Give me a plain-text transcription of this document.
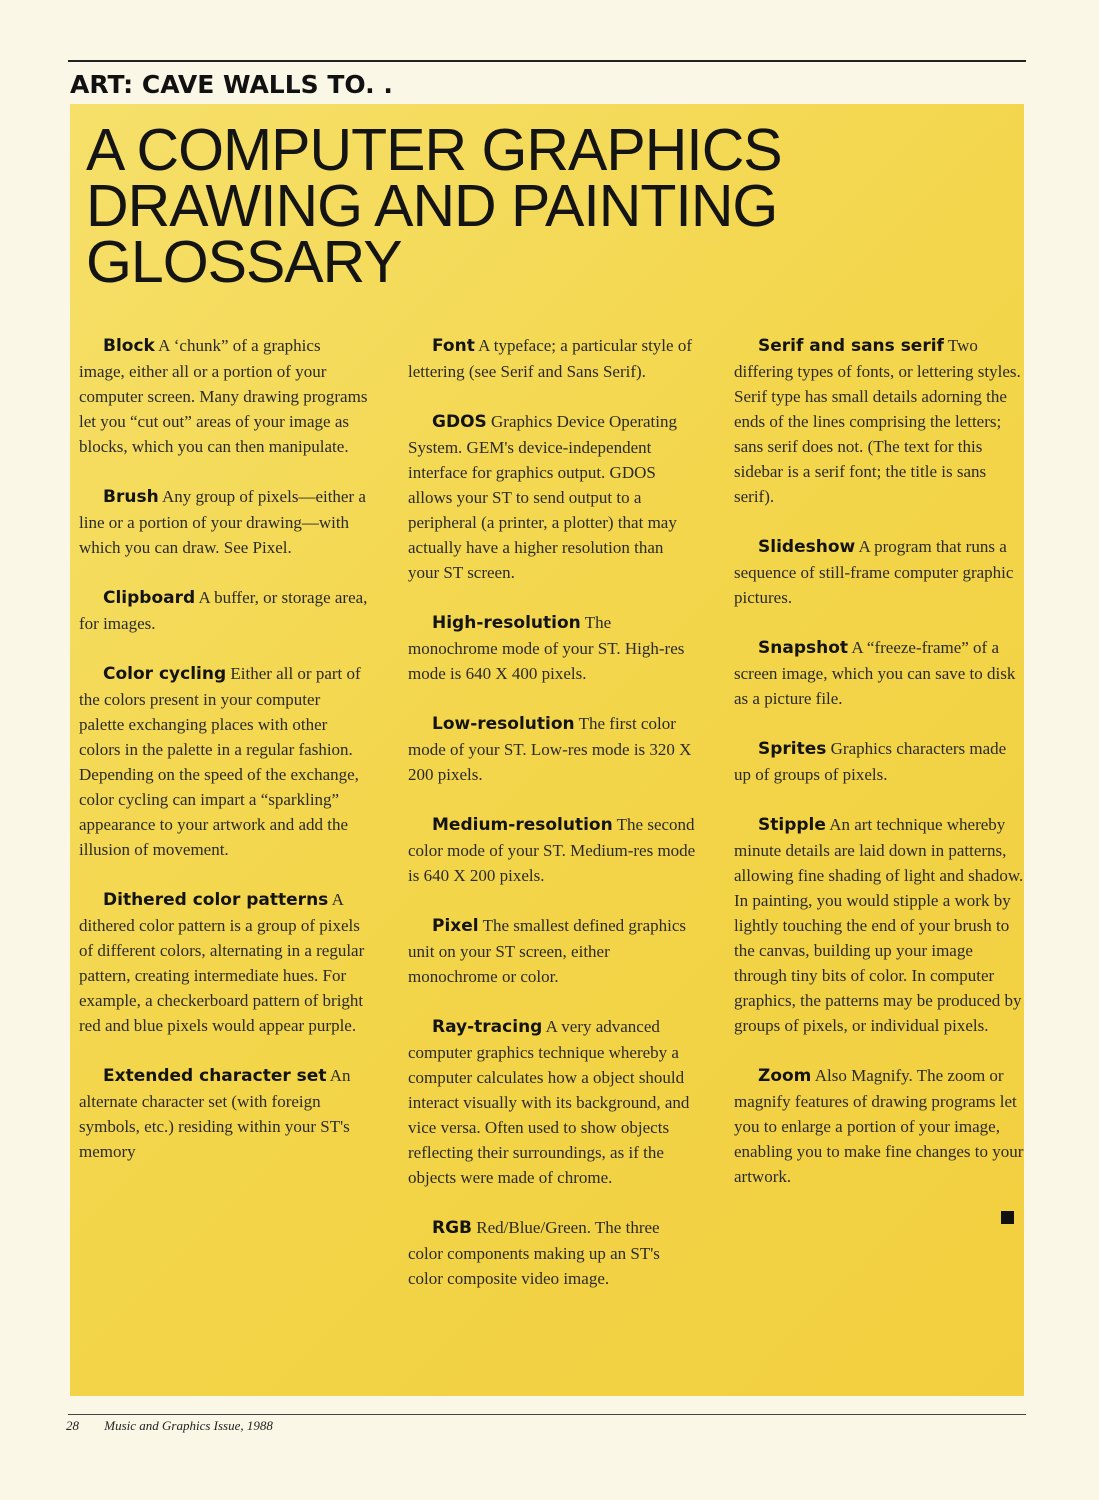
ART: CAVE WALLS TO. .
A COMPUTER GRAPHICS DRAWING AND PAINTING GLOSSARY

Block A ‘chunk” of a graphics image, either all or a portion of your computer screen. Many drawing programs let you “cut out” areas of your image as blocks, which you can then manipulate.

Brush Any group of pixels—either a line or a portion of your drawing—with which you can draw. See Pixel.

Clipboard A buffer, or storage area, for images.

Color cycling Either all or part of the colors present in your computer palette exchanging places with other colors in the palette in a regular fashion. Depending on the speed of the exchange, color cycling can impart a “sparkling” appearance to your artwork and add the illusion of movement.

Dithered color patterns A dithered color pattern is a group of pixels of different colors, alternating in a regular pattern, creating intermediate hues. For example, a checkerboard pattern of bright red and blue pixels would appear purple.

Extended character set An alternate character set (with foreign symbols, etc.) residing within your ST's memory

Font A typeface; a particular style of lettering (see Serif and Sans Serif).

GDOS Graphics Device Operating System. GEM's device-independent interface for graphics output. GDOS allows your ST to send output to a peripheral (a printer, a plotter) that may actually have a higher resolution than your ST screen.

High-resolution The monochrome mode of your ST. High-res mode is 640 X 400 pixels.

Low-resolution The first color mode of your ST. Low-res mode is 320 X 200 pixels.

Medium-resolution The second color mode of your ST. Medium-res mode is 640 X 200 pixels.

Pixel The smallest defined graphics unit on your ST screen, either monochrome or color.

Ray-tracing A very advanced computer graphics technique whereby a computer calculates how a object should interact visually with its background, and vice versa. Often used to show objects reflecting their surroundings, as if the objects were made of chrome.

RGB Red/Blue/Green. The three color components making up an ST's color composite video image.

Serif and sans serif Two differing types of fonts, or lettering styles. Serif type has small details adorning the ends of the lines comprising the letters; sans serif does not. (The text for this sidebar is a serif font; the title is sans serif).

Slideshow A program that runs a sequence of still-frame computer graphic pictures.

Snapshot A “freeze-frame” of a screen image, which you can save to disk as a picture file.

Sprites Graphics characters made up of groups of pixels.

Stipple An art technique whereby minute details are laid down in patterns, allowing fine shading of light and shadow. In painting, you would stipple a work by lightly touching the end of your brush to the canvas, building up your image through tiny bits of color. In computer graphics, the patterns may be produced by groups of pixels, or individual pixels.

Zoom Also Magnify. The zoom or magnify features of drawing programs let you to enlarge a portion of your image, enabling you to make fine changes to your artwork.

28 Music and Graphics Issue, 1988
